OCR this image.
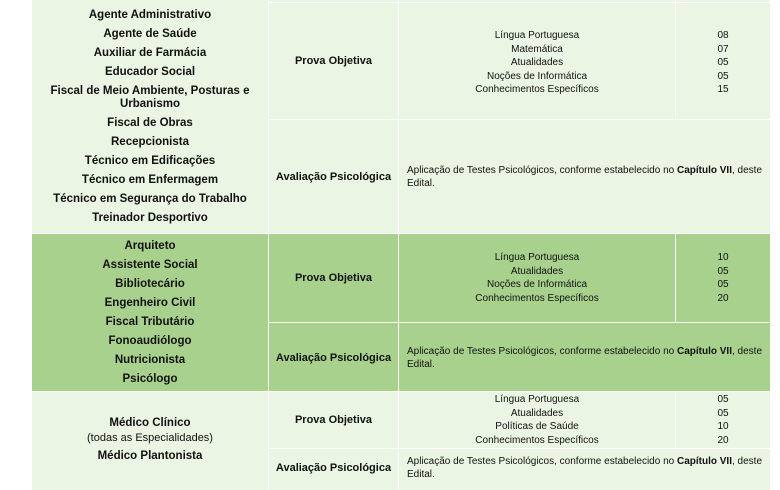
Agente Administrativo
Agente de Saúde
Auxiliar de Farmácia
Educador Social
Fiscal de Meio Ambiente, Posturas e Urbanismo
Fiscal de Obras
Recepcionista
Técnico em Edificações
Técnico em Enfermagem
Técnico em Segurança do Trabalho
Treinador Desportivo
Prova Objetiva
Língua Portuguesa
Matemática
Atualidades
Noções de Informática
Conhecimentos Específicos
08
07
05
05
15
Avaliação Psicológica
Aplicação de Testes Psicológicos, conforme estabelecido no Capítulo VII, deste Edital.
Arquiteto
Assistente Social
Bibliotecário
Engenheiro Civil
Fiscal Tributário
Fonoaudiólogo
Nutricionista
Psicólogo
Prova Objetiva
Língua Portuguesa
Atualidades
Noções de Informática
Conhecimentos Específicos
10
05
05
20
Avaliação Psicológica
Aplicação de Testes Psicológicos, conforme estabelecido no Capítulo VII, deste Edital.
Médico Clínico
(todas as Especialidades)
Médico Plantonista
Prova Objetiva
Língua Portuguesa
Atualidades
Políticas de Saúde
Conhecimentos Específicos
05
05
10
20
Avaliação Psicológica
Aplicação de Testes Psicológicos, conforme estabelecido no Capítulo VII, deste Edital.
